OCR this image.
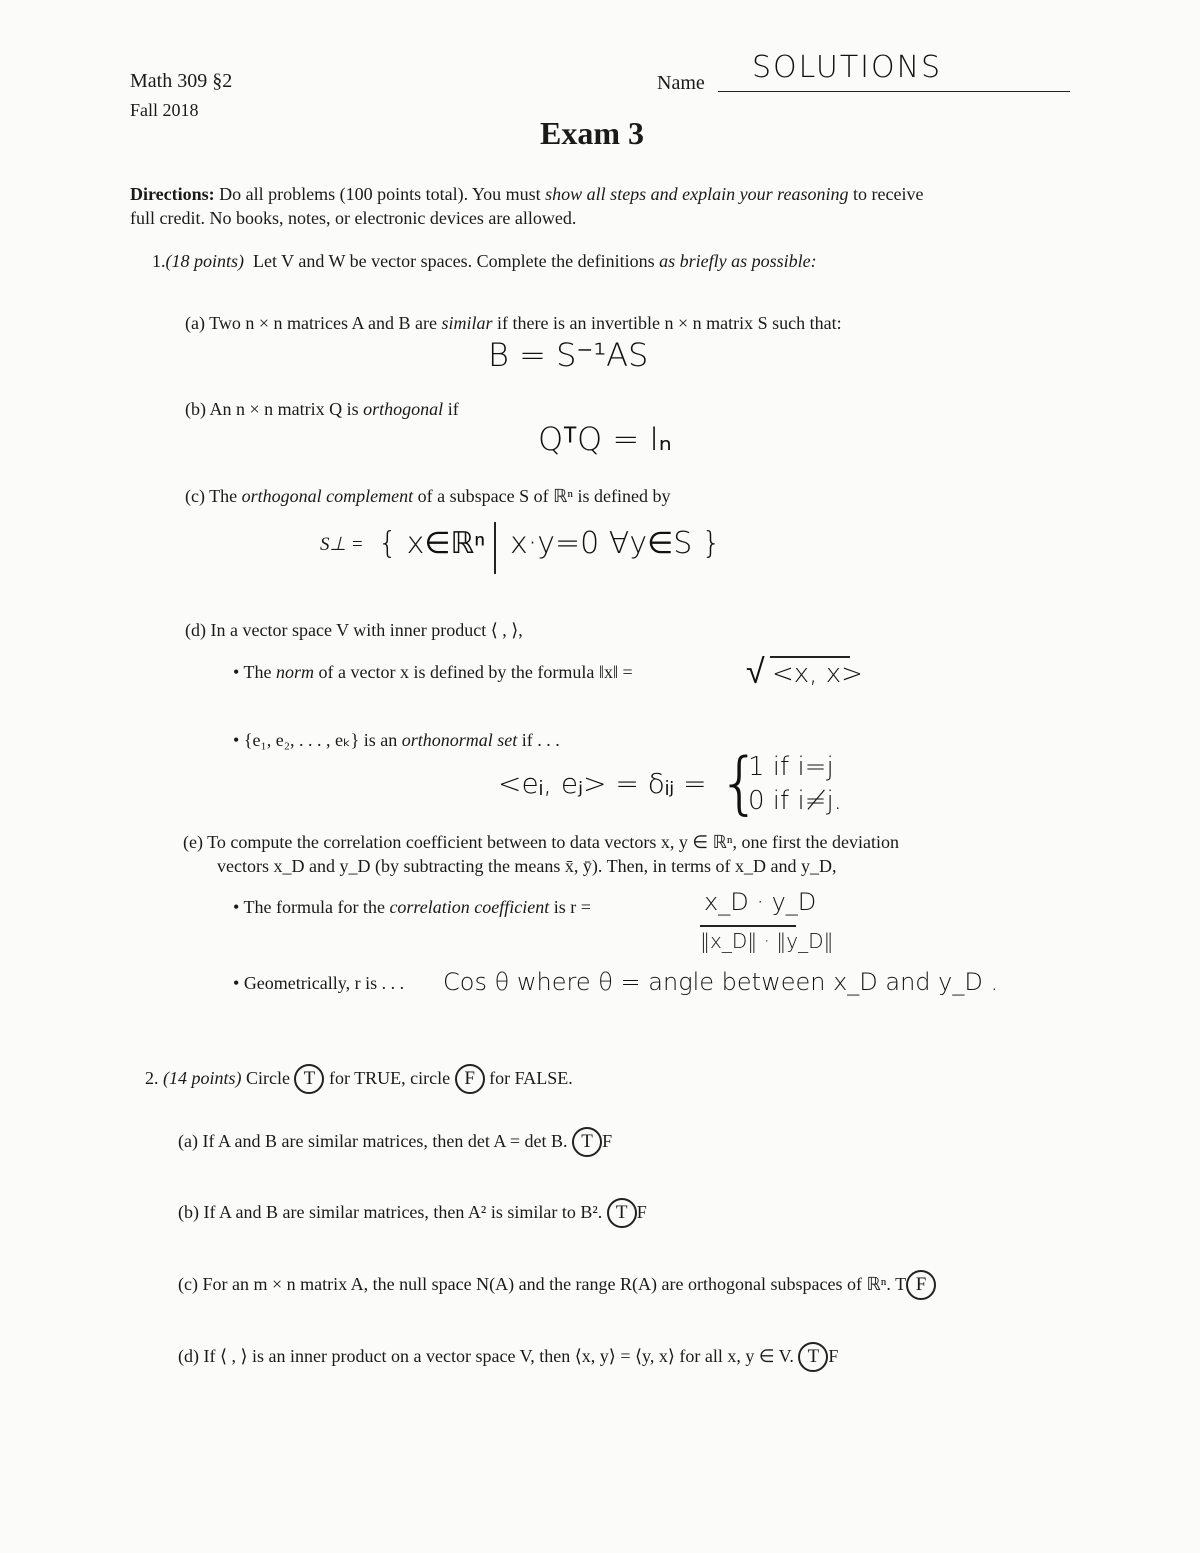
Math 309 §2
Fall 2018
Name SOLUTIONS
Exam 3
Directions: Do all problems (100 points total). You must show all steps and explain your reasoning to receive
full credit. No books, notes, or electronic devices are allowed.
1.(18 points) Let V and W be vector spaces. Complete the definitions as briefly as possible:
(a) Two n × n matrices A and B are similar if there is an invertible n × n matrix S such that:
B = S⁻¹AS
(b) An n × n matrix Q is orthogonal if
QᵀQ = Iₙ
(c) The orthogonal complement of a subspace S of ℝⁿ is defined by
S⊥ = { x∈ℝⁿ x·y=0 ∀y∈S }
(d) In a vector space V with inner product ⟨ , ⟩,
• The norm of a vector x is defined by the formula ‖x‖ =	√ <x, x>
• {e₁, e₂, . . . , eₖ} is an orthonormal set if . . .
<eᵢ, eⱼ> = δᵢⱼ = {
1 if i=j
0 if i≠j.
(e) To compute the correlation coefficient between to data vectors x, y ∈ ℝⁿ, one first the deviation
vectors x_D and y_D (by subtracting the means x̄, ȳ). Then, in terms of x_D and y_D,
• The formula for the correlation coefficient is r =	x_D · y_D
‖x_D‖ · ‖y_D‖
• Geometrically, r is . . . Cos θ where θ = angle between x_D and y_D .
2. (14 points) Circle T for TRUE, circle F for FALSE.
(a) If A and B are similar matrices, then det A = det B. T F
(b) If A and B are similar matrices, then A² is similar to B². T F
(c) For an m × n matrix A, the null space N(A) and the range R(A) are orthogonal subspaces of ℝⁿ. T F
(d) If ⟨ , ⟩ is an inner product on a vector space V, then ⟨x, y⟩ = ⟨y, x⟩ for all x, y ∈ V. T F
